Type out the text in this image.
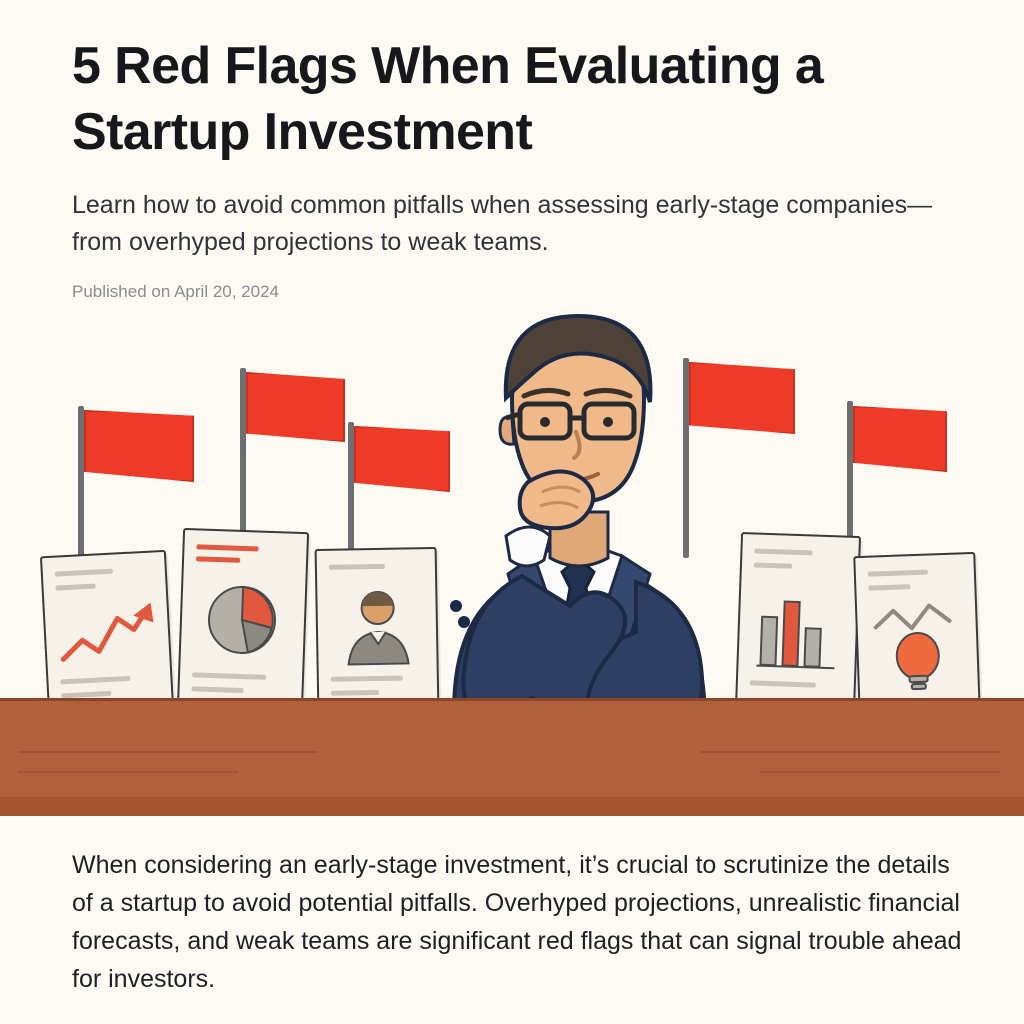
5 Red Flags When Evaluating a Startup Investment

Learn how to avoid common pitfalls when assessing early-stage companies—from overhyped projections to weak teams.

Published on April 20, 2024

When considering an early-stage investment, it’s crucial to scrutinize the details of a startup to avoid potential pitfalls. Overhyped projections, unrealistic financial forecasts, and weak teams are significant red flags that can signal trouble ahead for investors.
